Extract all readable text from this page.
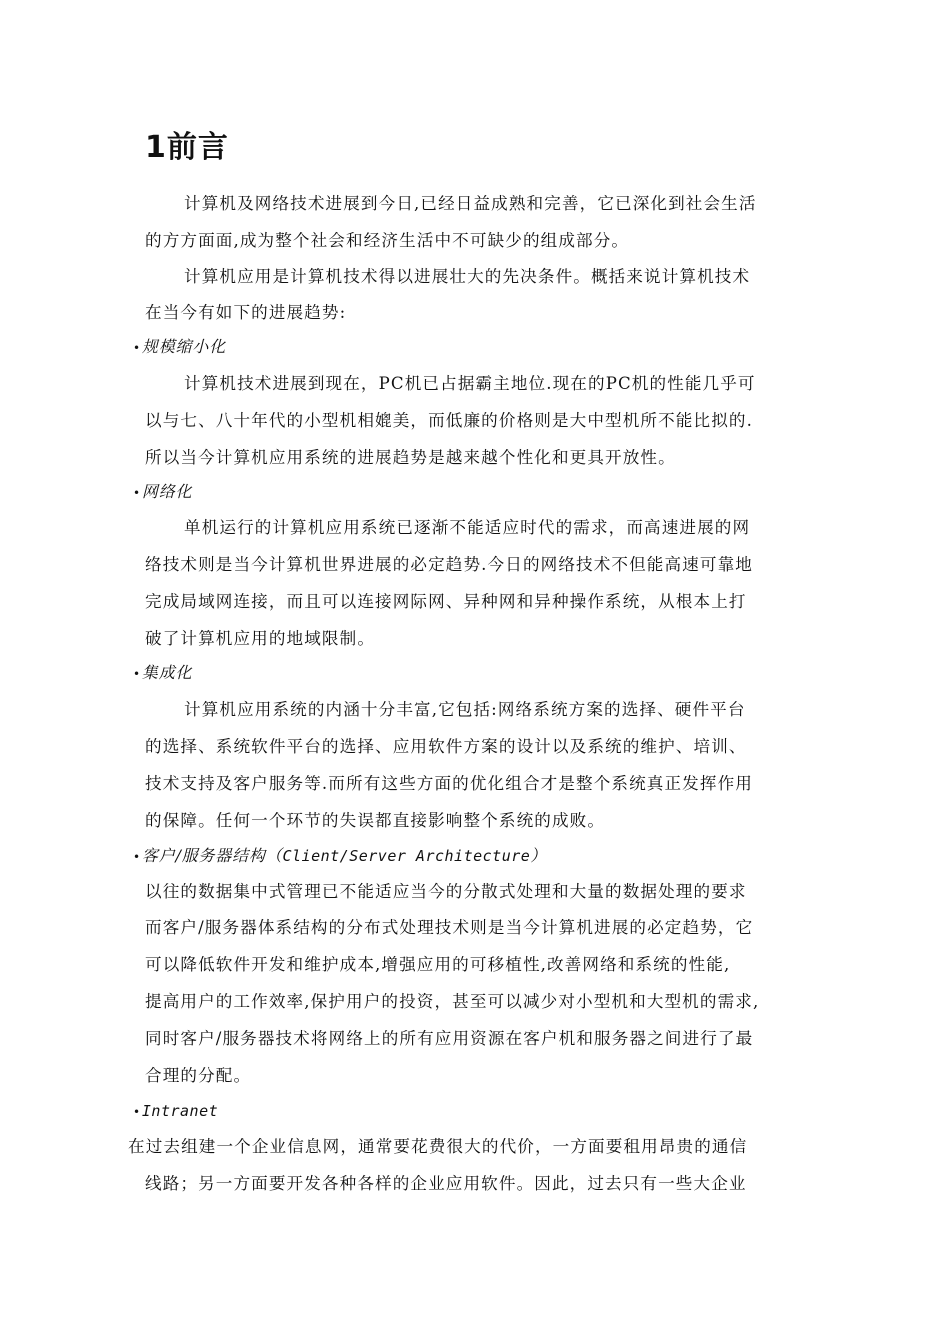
1前言
计算机及网络技术进展到今日,已经日益成熟和完善，它已深化到社会生活
的方方面面,成为整个社会和经济生活中不可缺少的组成部分。
计算机应用是计算机技术得以进展壮大的先决条件。概括来说计算机技术
在当今有如下的进展趋势:
•规模缩小化
计算机技术进展到现在，PC机已占据霸主地位.现在的PC机的性能几乎可
以与七、八十年代的小型机相媲美，而低廉的价格则是大中型机所不能比拟的.
所以当今计算机应用系统的进展趋势是越来越个性化和更具开放性。
•网络化
单机运行的计算机应用系统已逐渐不能适应时代的需求，而高速进展的网
络技术则是当今计算机世界进展的必定趋势.今日的网络技术不但能高速可靠地
完成局域网连接，而且可以连接网际网、异种网和异种操作系统，从根本上打
破了计算机应用的地域限制。
•集成化
计算机应用系统的内涵十分丰富,它包括:网络系统方案的选择、硬件平台
的选择、系统软件平台的选择、应用软件方案的设计以及系统的维护、培训、
技术支持及客户服务等.而所有这些方面的优化组合才是整个系统真正发挥作用
的保障。任何一个环节的失误都直接影响整个系统的成败。
•客户/服务器结构（Client/Server Architecture）
以往的数据集中式管理已不能适应当今的分散式处理和大量的数据处理的要求
而客户/服务器体系结构的分布式处理技术则是当今计算机进展的必定趋势，它
可以降低软件开发和维护成本,增强应用的可移植性,改善网络和系统的性能,
提高用户的工作效率,保护用户的投资，甚至可以减少对小型机和大型机的需求,
同时客户/服务器技术将网络上的所有应用资源在客户机和服务器之间进行了最
合理的分配。
•Intranet
在过去组建一个企业信息网，通常要花费很大的代价，一方面要租用昂贵的通信
线路；另一方面要开发各种各样的企业应用软件。因此，过去只有一些大企业
